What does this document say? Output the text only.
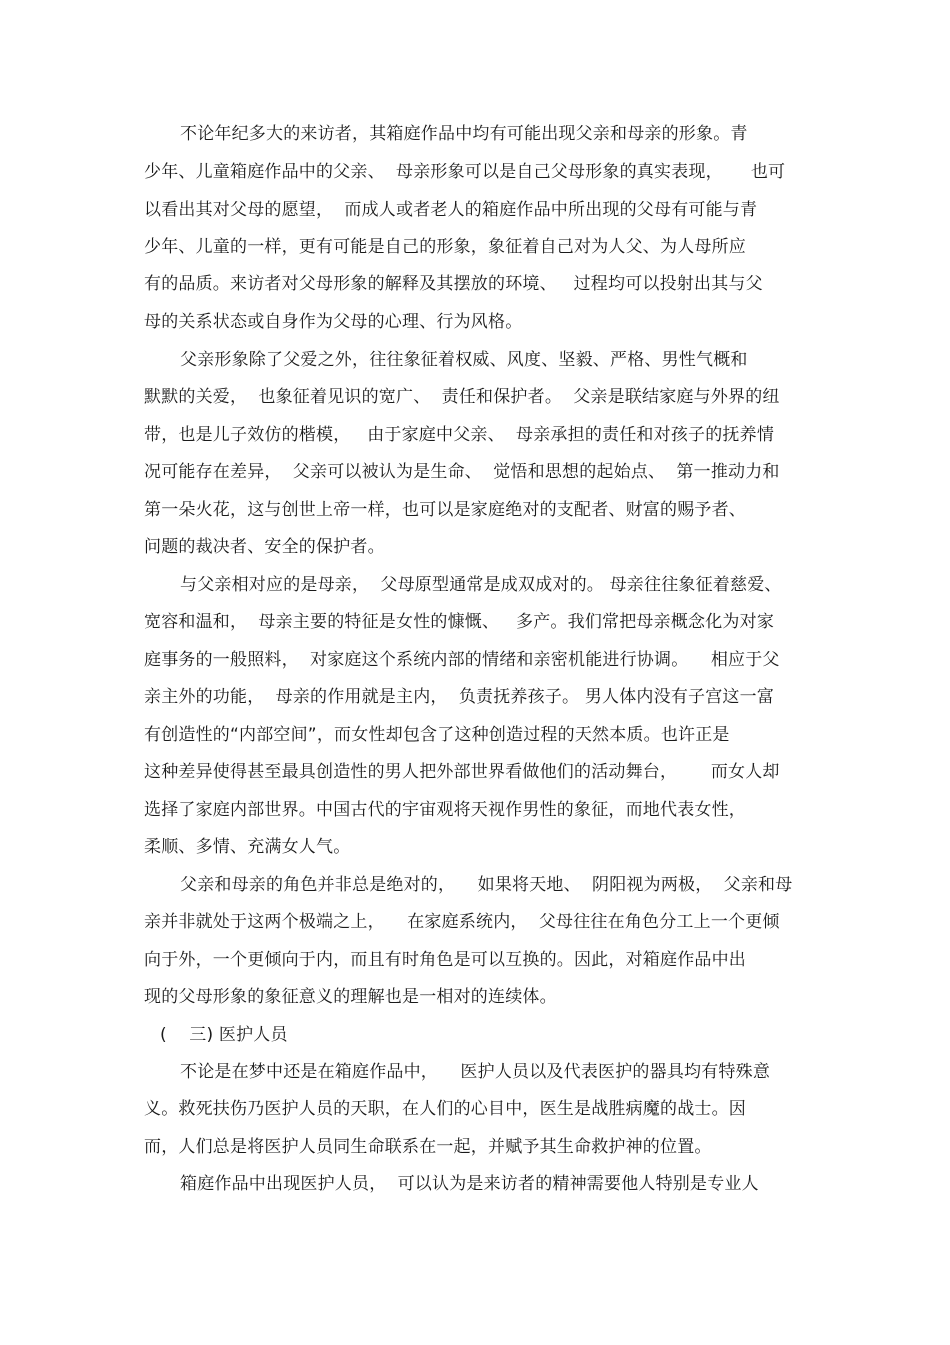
不论年纪多大的来访者，其箱庭作品中均有可能出现父亲和母亲的形象。青
少年、儿童箱庭作品中的父亲、  母亲形象可以是自己父母形象的真实表现，     也可
以看出其对父母的愿望，  而成人或者老人的箱庭作品中所出现的父母有可能与青
少年、儿童的一样，更有可能是自己的形象，象征着自己对为人父、为人母所应
有的品质。来访者对父母形象的解释及其摆放的环境、   过程均可以投射出其与父
母的关系状态或自身作为父母的心理、行为风格。
父亲形象除了父爱之外，往往象征着权威、风度、坚毅、严格、男性气概和
默默的关爱，  也象征着见识的宽广、  责任和保护者。  父亲是联结家庭与外界的纽
带，也是儿子效仿的楷模，   由于家庭中父亲、  母亲承担的责任和对孩子的抚养情
况可能存在差异，  父亲可以被认为是生命、  觉悟和思想的起始点、  第一推动力和
第一朵火花，这与创世上帝一样，也可以是家庭绝对的支配者、财富的赐予者、
问题的裁决者、安全的保护者。
与父亲相对应的是母亲，  父母原型通常是成双成对的。 母亲往往象征着慈爱、
宽容和温和，  母亲主要的特征是女性的慷慨、   多产。我们常把母亲概念化为对家
庭事务的一般照料，  对家庭这个系统内部的情绪和亲密机能进行协调。    相应于父
亲主外的功能，  母亲的作用就是主内，  负责抚养孩子。 男人体内没有子宫这一富
有创造性的“内部空间”，而女性却包含了这种创造过程的天然本质。也许正是
这种差异使得甚至最具创造性的男人把外部世界看做他们的活动舞台，      而女人却
选择了家庭内部世界。中国古代的宇宙观将天视作男性的象征，而地代表女性，
柔顺、多情、充满女人气。
父亲和母亲的角色并非总是绝对的，    如果将天地、  阴阳视为两极，  父亲和母
亲并非就处于这两个极端之上，    在家庭系统内，  父母往往在角色分工上一个更倾
向于外，一个更倾向于内，而且有时角色是可以互换的。因此，对箱庭作品中出
现的父母形象的象征意义的理解也是一相对的连续体。
(    三) 医护人员
不论是在梦中还是在箱庭作品中，    医护人员以及代表医护的器具均有特殊意
义。救死扶伤乃医护人员的天职，在人们的心目中，医生是战胜病魔的战士。因
而，人们总是将医护人员同生命联系在一起，并赋予其生命救护神的位置。
箱庭作品中出现医护人员，  可以认为是来访者的精神需要他人特别是专业人
